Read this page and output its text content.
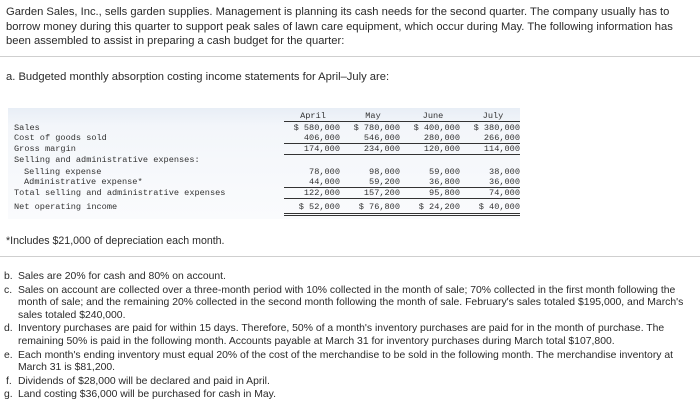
Garden Sales, Inc., sells garden supplies. Management is planning its cash needs for the second quarter. The company usually has to borrow money during this quarter to support peak sales of lawn care equipment, which occur during May. The following information has been assembled to assist in preparing a cash budget for the quarter:
a. Budgeted monthly absorption costing income statements for April–July are:
April	May	June	July
Sales	$ 580,000	$ 780,000	$ 400,000	$ 380,000
Cost of goods sold	406,000	546,000	280,000	266,000
Gross margin	174,000	234,000	120,000	114,000
Selling and administrative expenses:
Selling expense	78,000	98,000	59,000	38,000
Administrative expense*	44,000	59,200	36,800	36,000
Total selling and administrative expenses	122,000	157,200	95,800	74,000
Net operating income	$ 52,000	$ 76,800	$ 24,200	$ 40,000
*Includes $21,000 of depreciation each month.
b. Sales are 20% for cash and 80% on account.
c. Sales on account are collected over a three-month period with 10% collected in the month of sale; 70% collected in the first month following the month of sale; and the remaining 20% collected in the second month following the month of sale. February's sales totaled $195,000, and March's sales totaled $240,000.
d. Inventory purchases are paid for within 15 days. Therefore, 50% of a month's inventory purchases are paid for in the month of purchase. The remaining 50% is paid in the following month. Accounts payable at March 31 for inventory purchases during March total $107,800.
e. Each month's ending inventory must equal 20% of the cost of the merchandise to be sold in the following month. The merchandise inventory at March 31 is $81,200.
f. Dividends of $28,000 will be declared and paid in April.
g. Land costing $36,000 will be purchased for cash in May.
